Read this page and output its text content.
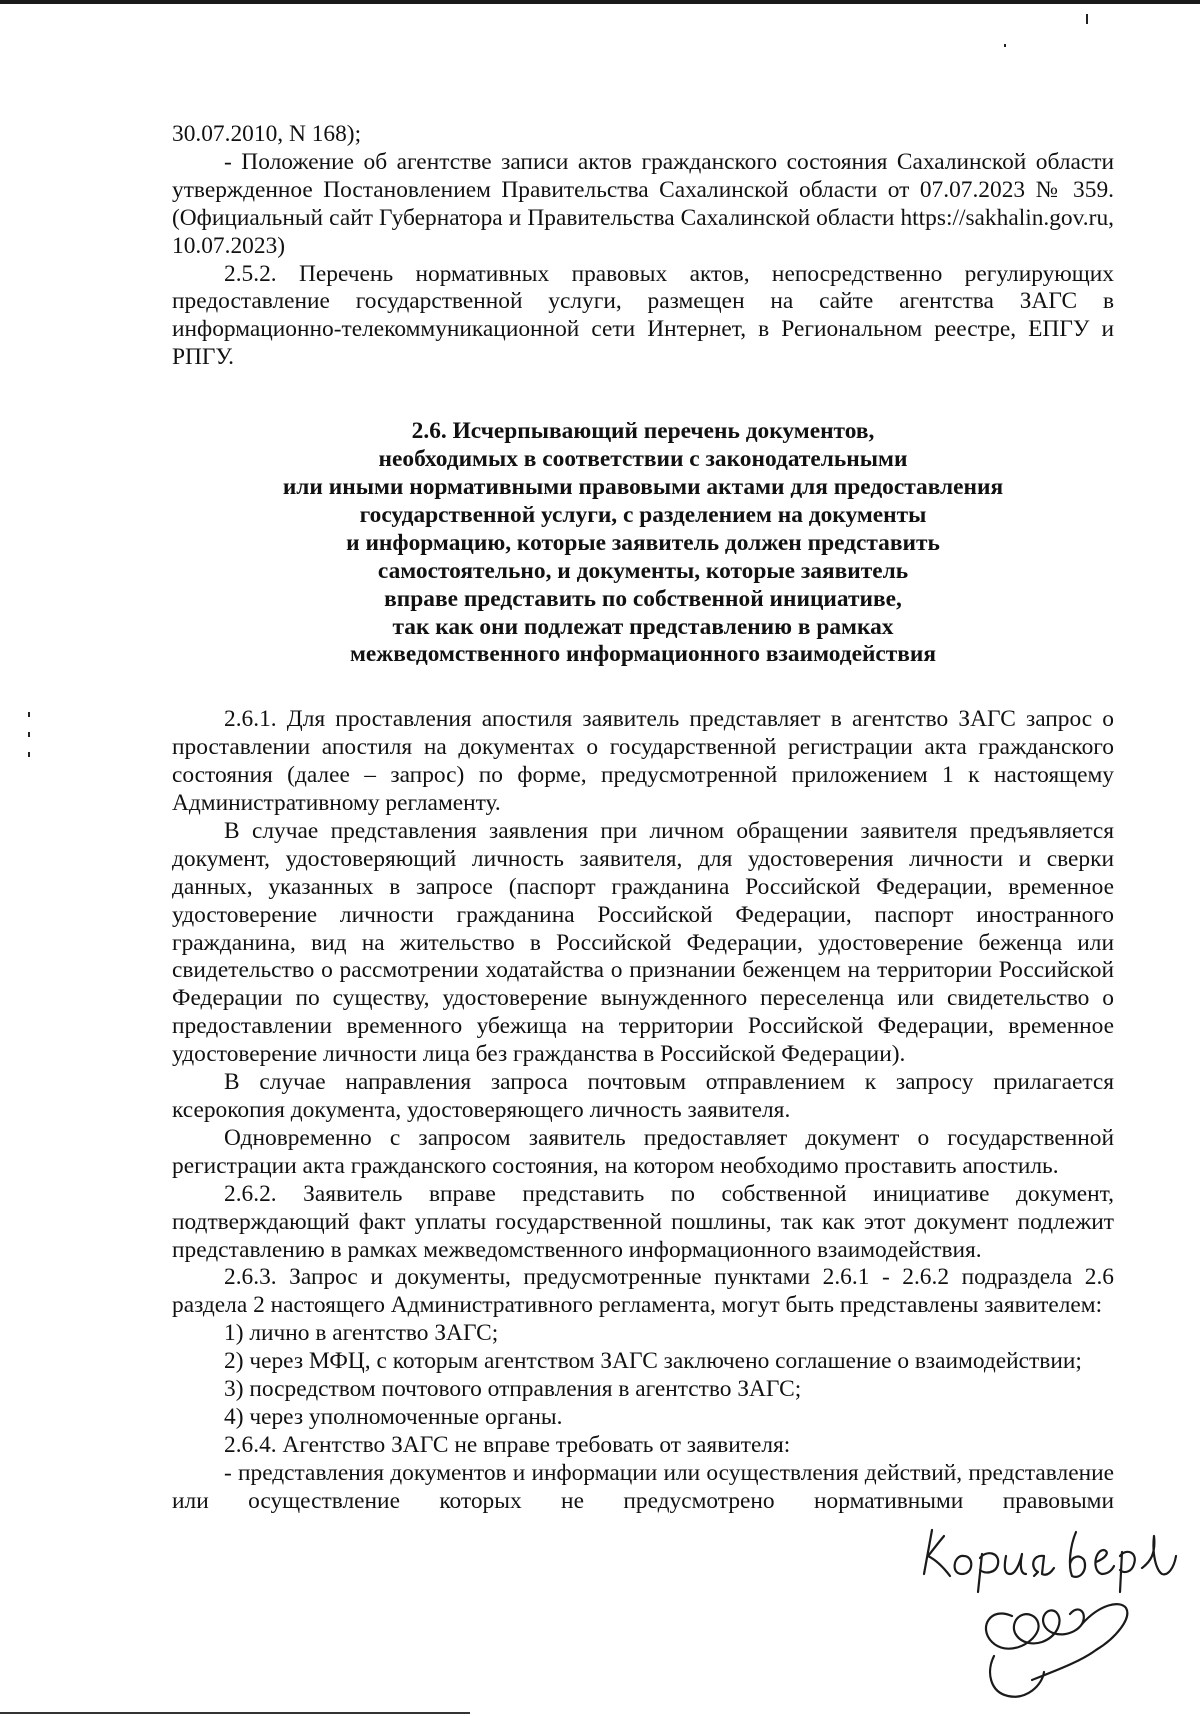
30.07.2010, N 168);

- Положение об агентстве записи актов гражданского состояния Сахалинской области утвержденное Постановлением Правительства Сахалинской области от 07.07.2023 № 359. (Официальный сайт Губернатора и Правительства Сахалинской области https://sakhalin.gov.ru, 10.07.2023)

2.5.2. Перечень нормативных правовых актов, непосредственно регулирующих предоставление государственной услуги, размещен на сайте агентства ЗАГС в информационно-телекоммуникационной сети Интернет, в Региональном реестре, ЕПГУ и РПГУ.

2.6. Исчерпывающий перечень документов,
необходимых в соответствии с законодательными
или иными нормативными правовыми актами для предоставления
государственной услуги, с разделением на документы
и информацию, которые заявитель должен представить
самостоятельно, и документы, которые заявитель
вправе представить по собственной инициативе,
так как они подлежат представлению в рамках
межведомственного информационного взаимодействия

2.6.1. Для проставления апостиля заявитель представляет в агентство ЗАГС запрос о проставлении апостиля на документах о государственной регистрации акта гражданского состояния (далее – запрос) по форме, предусмотренной приложением 1 к настоящему Административному регламенту.

В случае представления заявления при личном обращении заявителя предъявляется документ, удостоверяющий личность заявителя, для удостоверения личности и сверки данных, указанных в запросе (паспорт гражданина Российской Федерации, временное удостоверение личности гражданина Российской Федерации, паспорт иностранного гражданина, вид на жительство в Российской Федерации, удостоверение беженца или свидетельство о рассмотрении ходатайства о признании беженцем на территории Российской Федерации по существу, удостоверение вынужденного переселенца или свидетельство о предоставлении временного убежища на территории Российской Федерации, временное удостоверение личности лица без гражданства в Российской Федерации).

В случае направления запроса почтовым отправлением к запросу прилагается ксерокопия документа, удостоверяющего личность заявителя.

Одновременно с запросом заявитель предоставляет документ о государственной регистрации акта гражданского состояния, на котором необходимо проставить апостиль.

2.6.2. Заявитель вправе представить по собственной инициативе документ, подтверждающий факт уплаты государственной пошлины, так как этот документ подлежит представлению в рамках межведомственного информационного взаимодействия.

2.6.3. Запрос и документы, предусмотренные пунктами 2.6.1 - 2.6.2 подраздела 2.6 раздела 2 настоящего Административного регламента, могут быть представлены заявителем:

1) лично в агентство ЗАГС;

2) через МФЦ, с которым агентством ЗАГС заключено соглашение о взаимодействии;

3) посредством почтового отправления в агентство ЗАГС;

4) через уполномоченные органы.

2.6.4. Агентство ЗАГС не вправе требовать от заявителя:

- представления документов и информации или осуществления действий, представление или осуществление которых не предусмотрено нормативными правовыми
